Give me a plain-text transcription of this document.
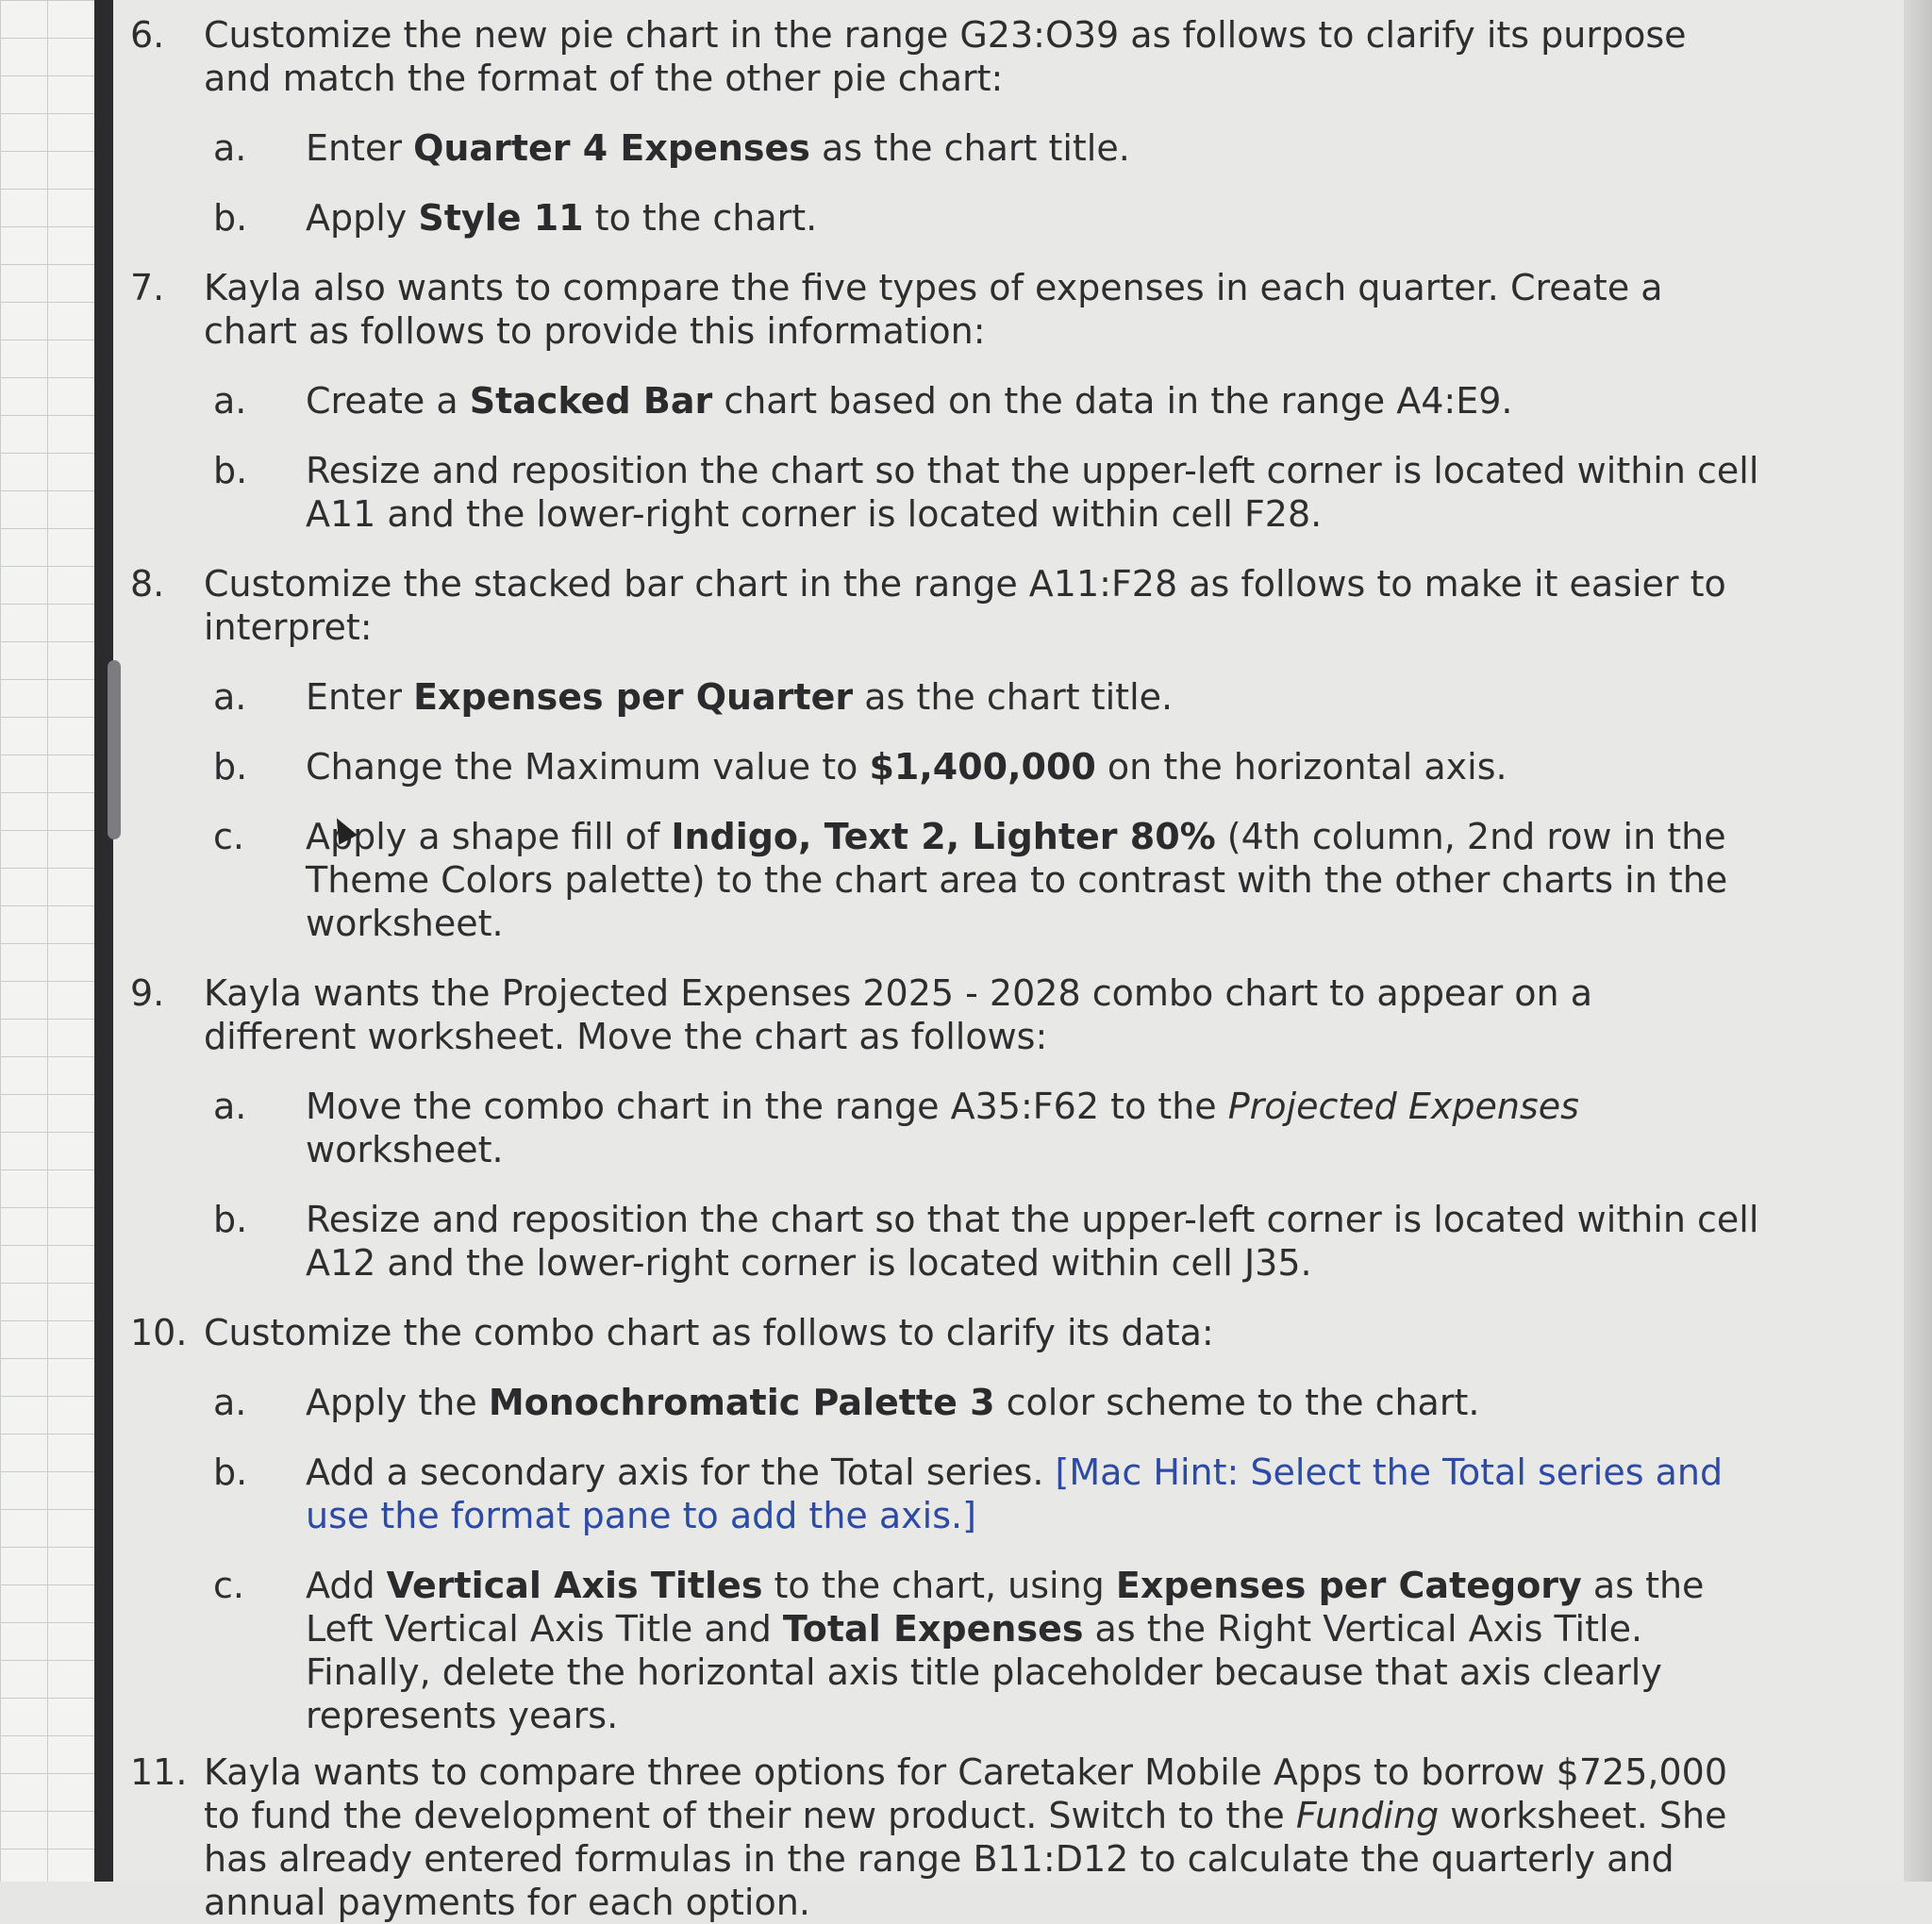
6. Customize the new pie chart in the range G23:O39 as follows to clarify its purpose and match the format of the other pie chart:

a. Enter Quarter 4 Expenses as the chart title.
b. Apply Style 11 to the chart.
7. Kayla also wants to compare the five types of expenses in each quarter. Create a chart as follows to provide this information:

a. Create a Stacked Bar chart based on the data in the range A4:E9.
b. Resize and reposition the chart so that the upper-left corner is located within cell A11 and the lower-right corner is located within cell F28.
8. Customize the stacked bar chart in the range A11:F28 as follows to make it easier to interpret:

a. Enter Expenses per Quarter as the chart title.
b. Change the Maximum value to $1,400,000 on the horizontal axis.
c. Apply a shape fill of Indigo, Text 2, Lighter 80% (4th column, 2nd row in the Theme Colors palette) to the chart area to contrast with the other charts in the worksheet.
9. Kayla wants the Projected Expenses 2025 - 2028 combo chart to appear on a different worksheet. Move the chart as follows:

a. Move the combo chart in the range A35:F62 to the Projected Expenses worksheet.
b. Resize and reposition the chart so that the upper-left corner is located within cell A12 and the lower-right corner is located within cell J35.
10. Customize the combo chart as follows to clarify its data:

a. Apply the Monochromatic Palette 3 color scheme to the chart.
b. Add a secondary axis for the Total series. [Mac Hint: Select the Total series and use the format pane to add the axis.]
c. Add Vertical Axis Titles to the chart, using Expenses per Category as the Left Vertical Axis Title and Total Expenses as the Right Vertical Axis Title. Finally, delete the horizontal axis title placeholder because that axis clearly represents years.
11. Kayla wants to compare three options for Caretaker Mobile Apps to borrow $725,000 to fund the development of their new product. Switch to the Funding worksheet. She has already entered formulas in the range B11:D12 to calculate the quarterly and annual payments for each option.
